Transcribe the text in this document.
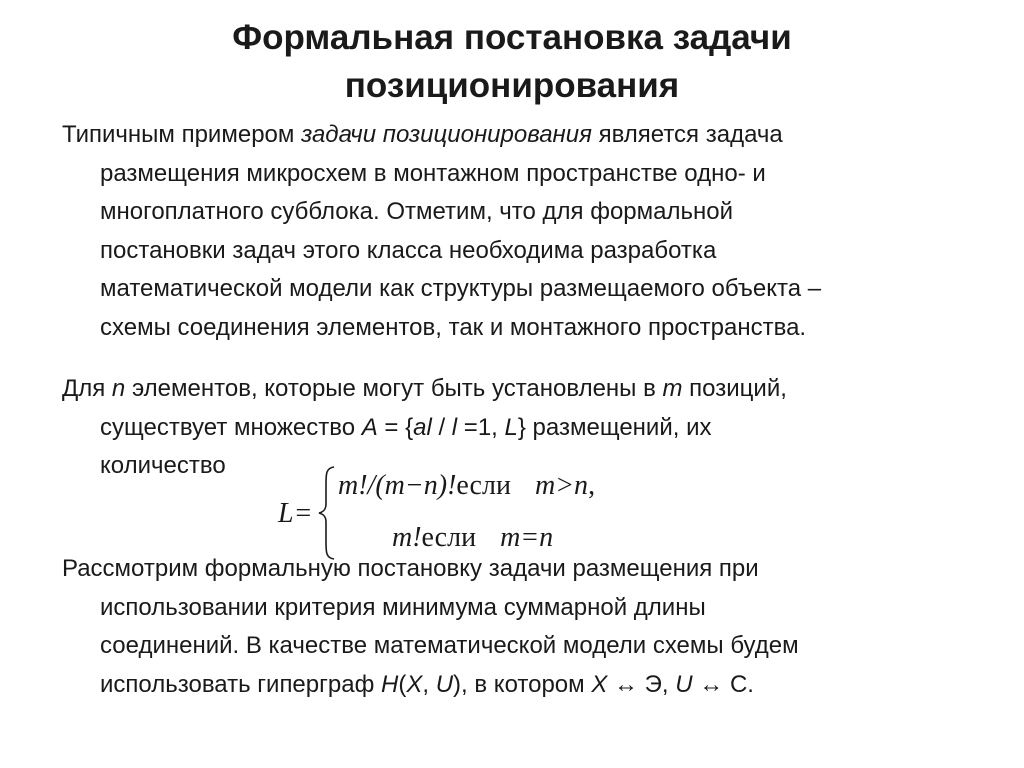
Формальная постановка задачи
позиционирования
Типичным примером задачи позиционирования является задача
размещения микросхем в монтажном пространстве одно- и
многоплатного субблока. Отметим, что для формальной
постановки задач этого класса необходима разработка
математической модели как структуры размещаемого объекта –
схемы соединения элементов, так и монтажного пространства.
Для n элементов, которые могут быть установлены в m позиций,
существует множество A = {al / l =1, L} размещений, их
количество
L=
m!/(m−n)!если m>n,
m!если m=n
Рассмотрим формальную постановку задачи размещения при
использовании критерия минимума суммарной длины
соединений. В качестве математической модели схемы будем
использовать гиперграф H(X, U), в котором X ↔ Э, U ↔ С.
